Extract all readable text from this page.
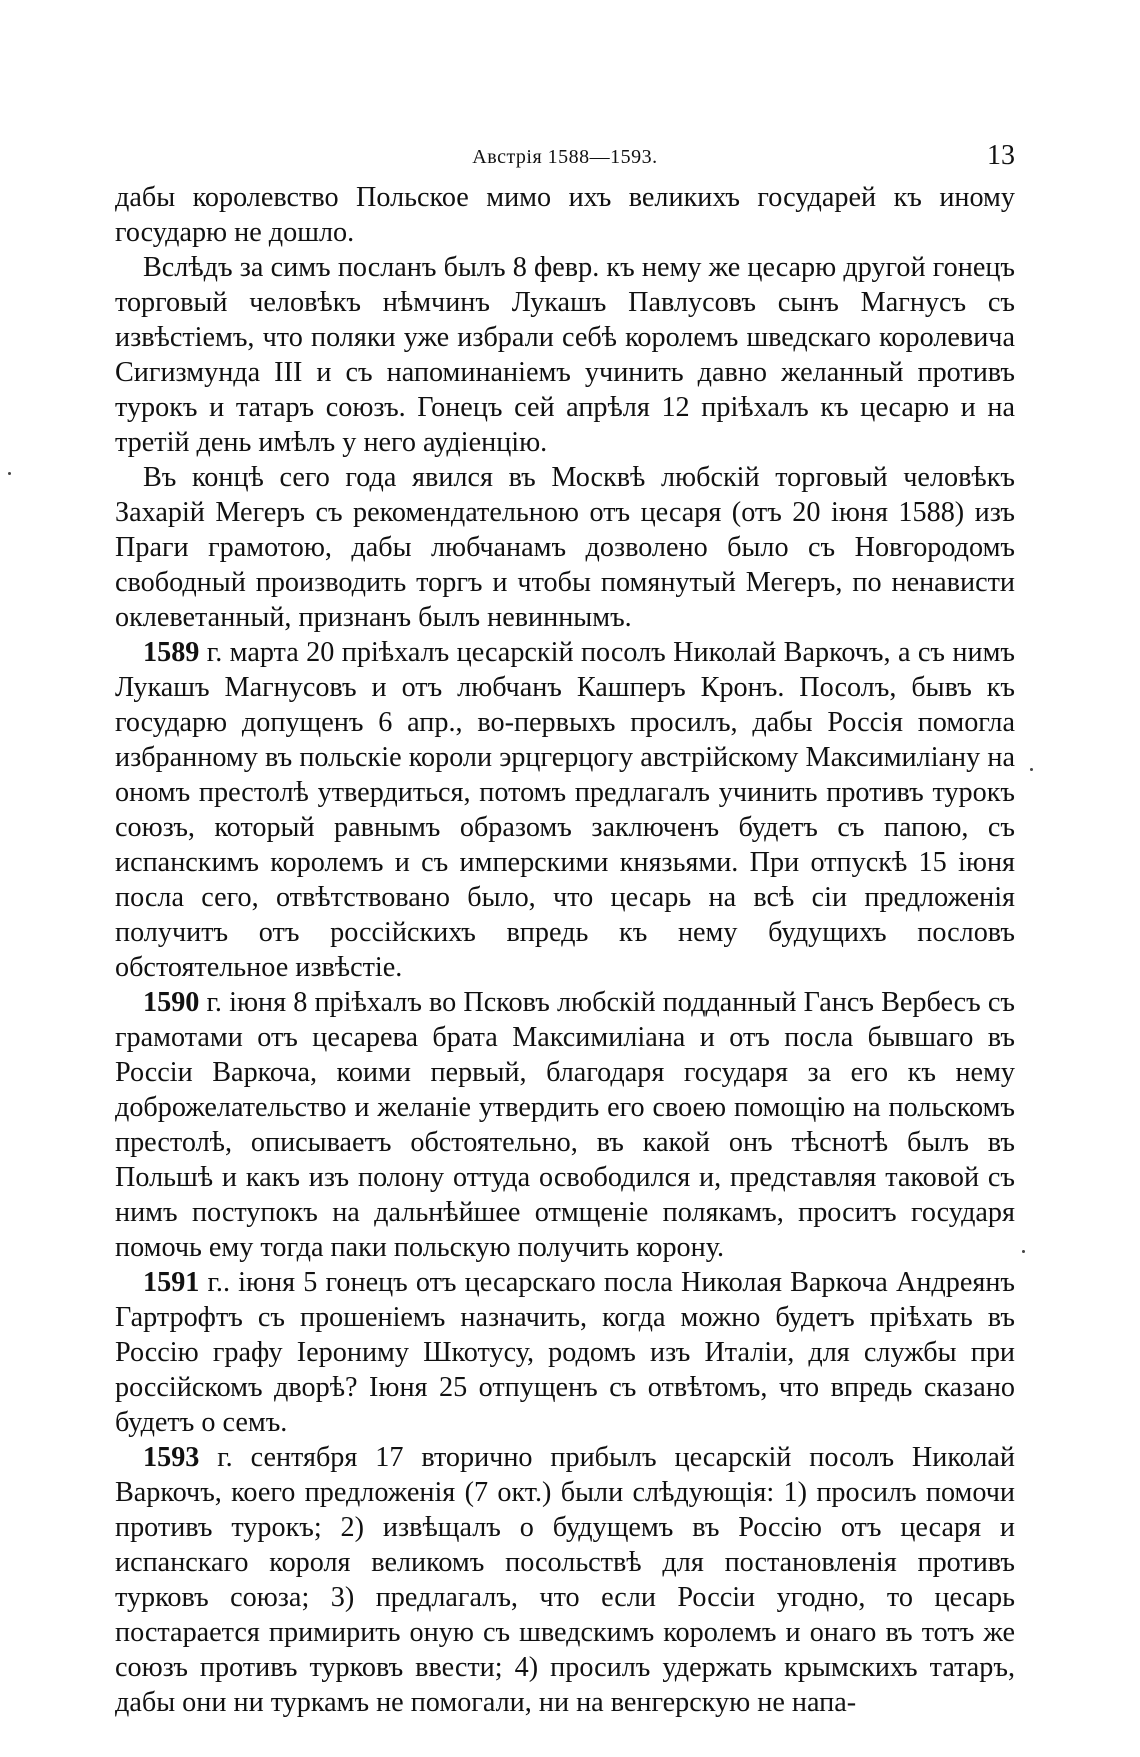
Австрія 1588—1593.	13

дабы королевство Польское мимо ихъ великихъ государей къ иному государю не дошло.

Вслѣдъ за симъ посланъ былъ 8 февр. къ нему же цесарю другой гонецъ торговый человѣкъ нѣмчинъ Лукашъ Павлусовъ сынъ Магнусъ съ извѣстіемъ, что поляки уже избрали себѣ королемъ шведскаго королевича Сигизмунда III и съ напоминаніемъ учинить давно желанный противъ турокъ и татаръ союзъ. Гонецъ сей апрѣля 12 пріѣхалъ къ цесарю и на третій день имѣлъ у него аудіенцію.

Въ концѣ сего года явился въ Москвѣ любскій торговый человѣкъ Захарій Мегеръ съ рекомендательною отъ цесаря (отъ 20 іюня 1588) изъ Праги грамотою, дабы любчанамъ дозволено было съ Новгородомъ свободный производить торгъ и чтобы помянутый Мегеръ, по ненависти оклеветанный, признанъ былъ невиннымъ.

1589 г. марта 20 пріѣхалъ цесарскій посолъ Николай Варкочъ, а съ нимъ Лукашъ Магнусовъ и отъ любчанъ Кашперъ Кронъ. Посолъ, бывъ къ государю допущенъ 6 апр., во-первыхъ просилъ, дабы Россія помогла избранному въ польскіе короли эрцгерцогу австрійскому Максимиліану на ономъ престолѣ утвердиться, потомъ предлагалъ учинить противъ турокъ союзъ, который равнымъ образомъ заключенъ будетъ съ папою, съ испанскимъ королемъ и съ имперскими князьями. При отпускѣ 15 іюня посла сего, отвѣтствовано было, что цесарь на всѣ сіи предложенія получитъ отъ россійскихъ впредь къ нему будущихъ пословъ обстоятельное извѣстіе.

1590 г. іюня 8 пріѣхалъ во Псковъ любскій подданный Гансъ Вербесъ съ грамотами отъ цесарева брата Максимиліана и отъ посла бывшаго въ Россіи Варкоча, коими первый, благодаря государя за его къ нему доброжелательство и желаніе утвердить его своею помощію на польскомъ престолѣ, описываетъ обстоятельно, въ какой онъ тѣснотѣ былъ въ Польшѣ и какъ изъ полону оттуда освободился и, представляя таковой съ нимъ поступокъ на дальнѣйшее отмщеніе полякамъ, проситъ государя помочь ему тогда паки польскую получить корону.

1591 г.. іюня 5 гонецъ отъ цесарскаго посла Николая Варкоча Андреянъ Гартрофтъ съ прошеніемъ назначить, когда можно будетъ пріѣхать въ Россію графу Іерониму Шкотусу, родомъ изъ Италіи, для службы при россійскомъ дворѣ? Іюня 25 отпущенъ съ отвѣтомъ, что впредь сказано будетъ о семъ.

1593 г. сентября 17 вторично прибылъ цесарскій посолъ Николай Варкочъ, коего предложенія (7 окт.) были слѣдующія: 1) просилъ помочи противъ турокъ; 2) извѣщалъ о будущемъ въ Россію отъ цесаря и испанскаго короля великомъ посольствѣ для постановленія противъ турковъ союза; 3) предлагалъ, что если Россіи угодно, то цесарь постарается примирить оную съ шведскимъ королемъ и онаго въ тотъ же союзъ противъ турковъ ввести; 4) просилъ удержать крымскихъ татаръ, дабы они ни туркамъ не помогали, ни на венгерскую не напа-
